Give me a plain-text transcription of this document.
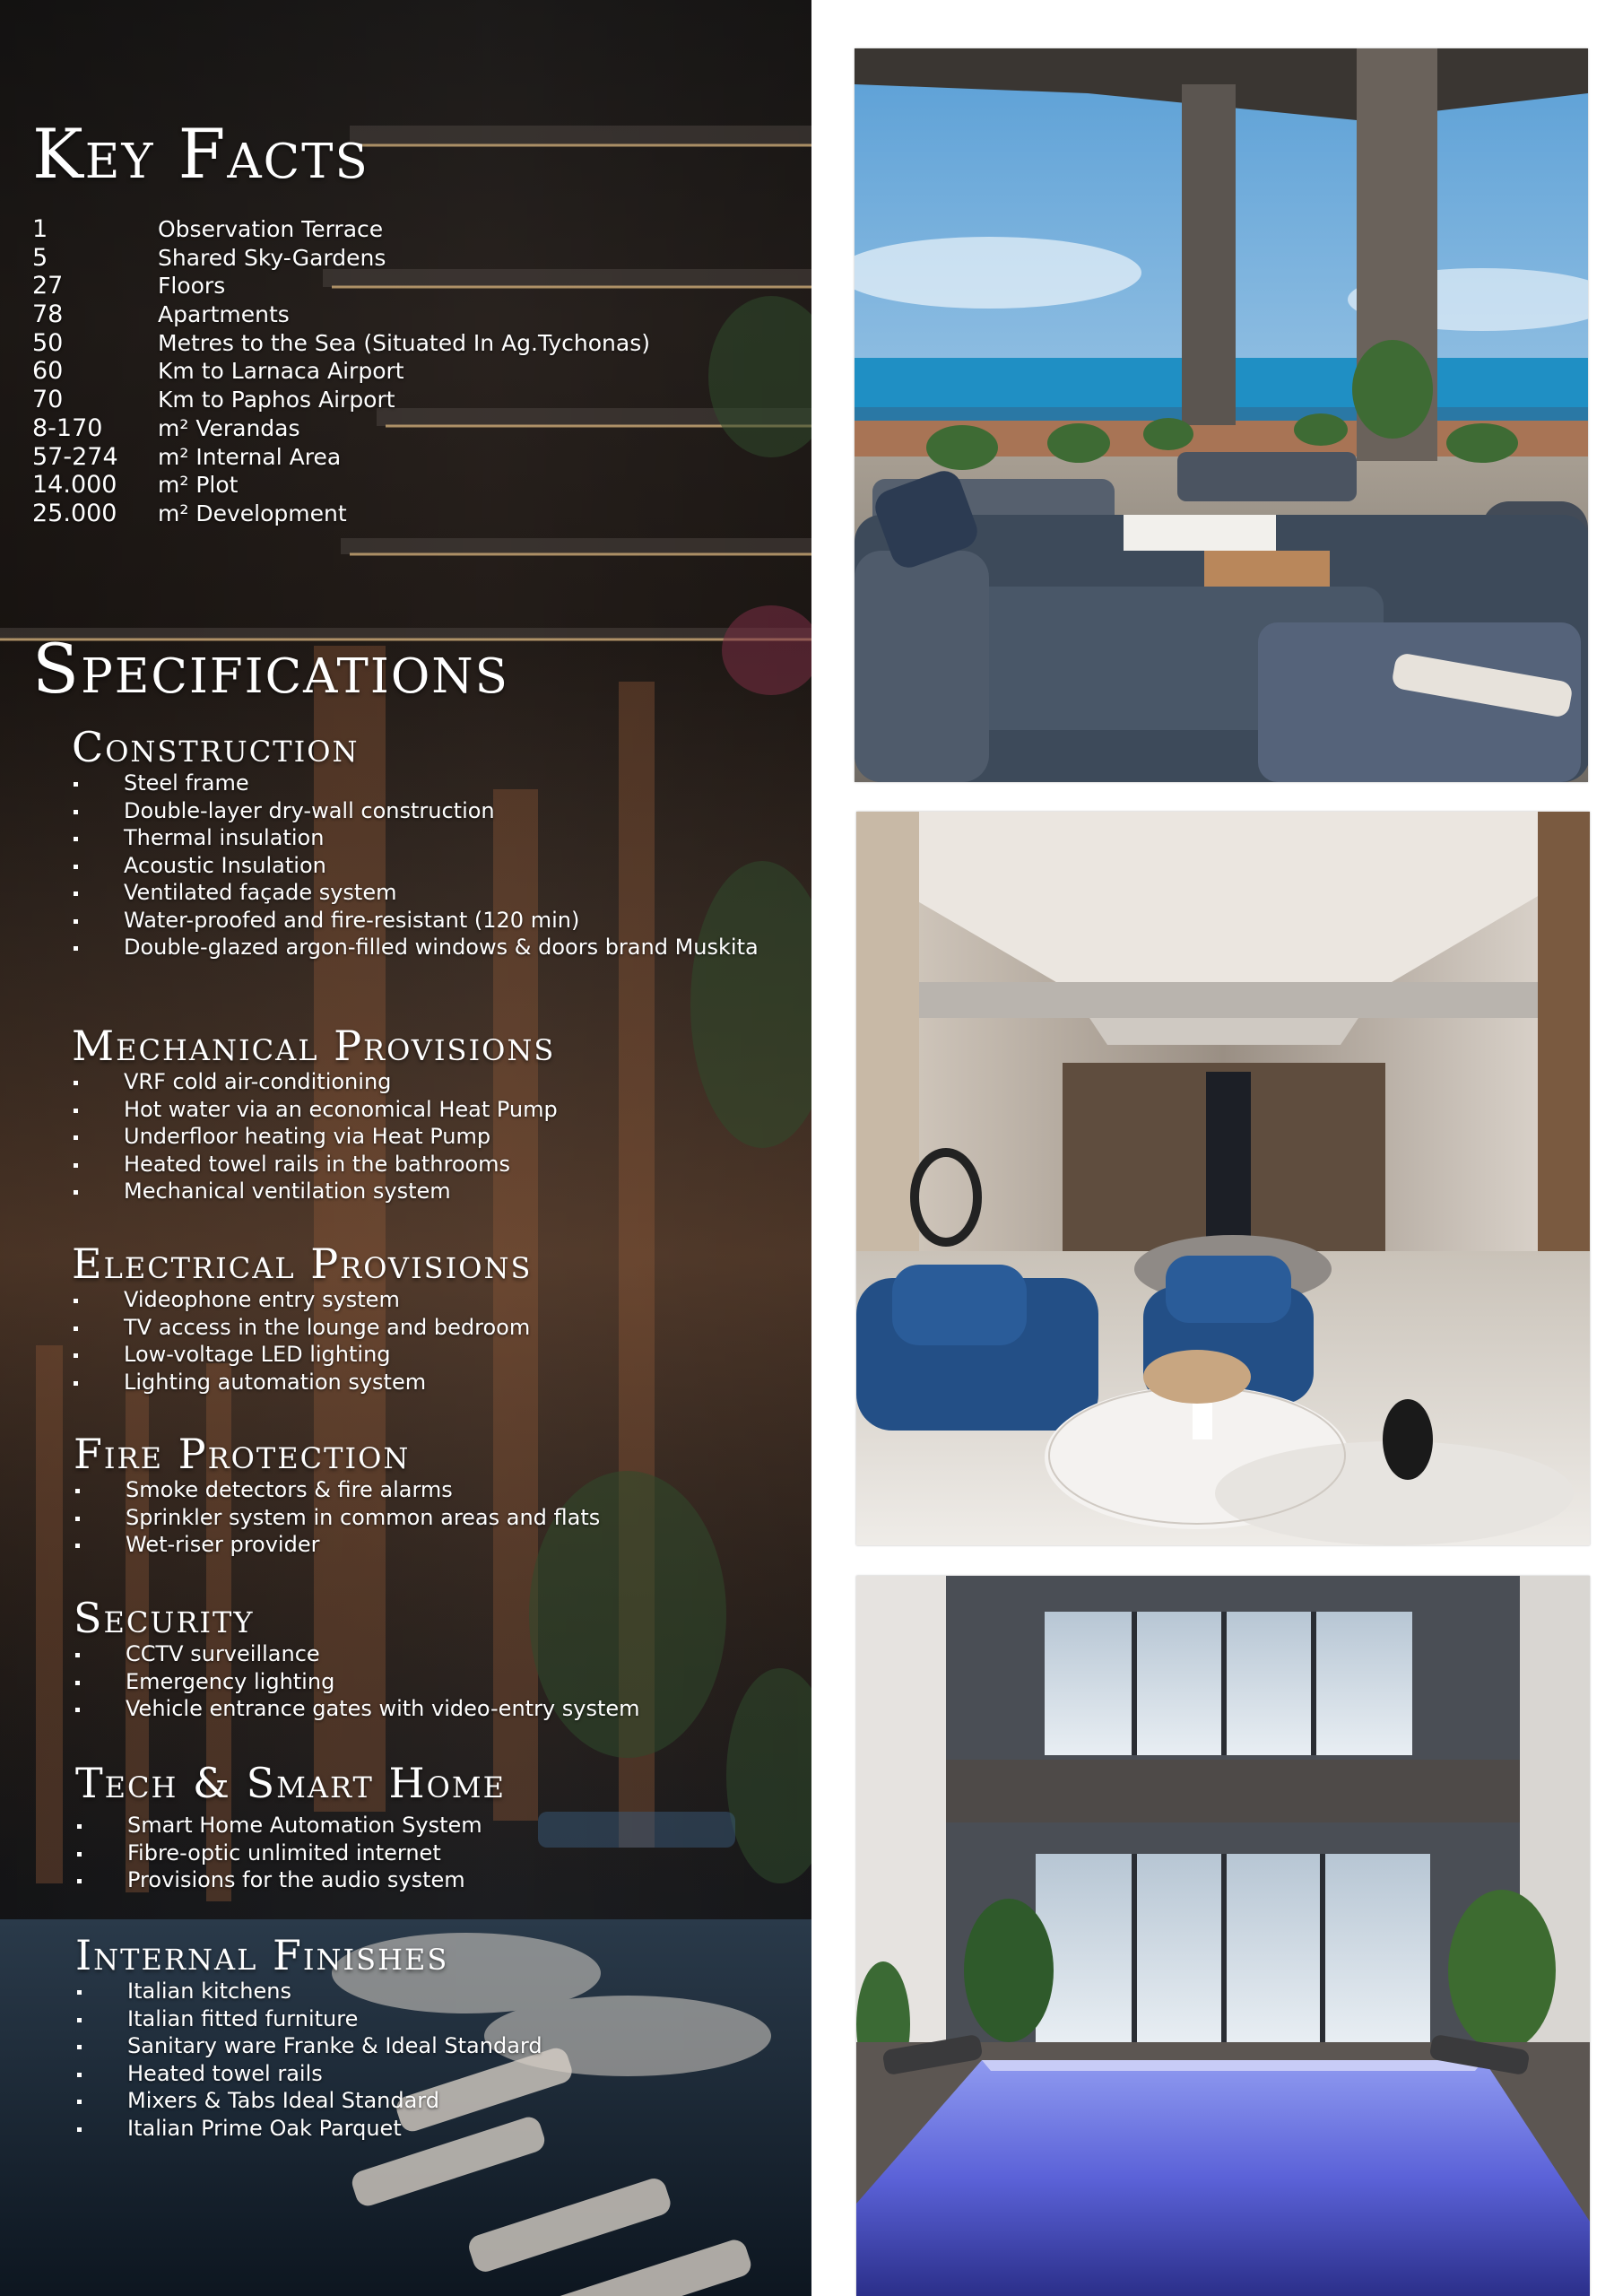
Key Facts
1	Observation Terrace
5	Shared Sky-Gardens
27	Floors
78	Apartments
50	Metres to the Sea (Situated In Ag.Tychonas)
60	Km to Larnaca Airport
70	Km to Paphos Airport
8-170 m² Verandas
57-274 m² Internal Area
14.000 m² Plot
25.000 m² Development
Specifications
Construction
Steel frame
Double-layer dry-wall construction
Thermal insulation
Acoustic Insulation
Ventilated façade system
Water-proofed and fire-resistant (120 min)
Double-glazed argon-filled windows & doors brand Muskita
Mechanical Provisions
VRF cold air-conditioning
Hot water via an economical Heat Pump
Underfloor heating via Heat Pump
Heated towel rails in the bathrooms
Mechanical ventilation system
Electrical Provisions
Videophone entry system
TV access in the lounge and bedroom
Low-voltage LED lighting
Lighting automation system
Fire Protection
Smoke detectors & fire alarms
Sprinkler system in common areas and flats
Wet-riser provider
Security
CCTV surveillance
Emergency lighting
Vehicle entrance gates with video-entry system
Tech & Smart Home
Smart Home Automation System
Fibre-optic unlimited internet
Provisions for the audio system
Internal Finishes
Italian kitchens
Italian fitted furniture
Sanitary ware Franke & Ideal Standard
Heated towel rails
Mixers & Tabs Ideal Standard
Italian Prime Oak Parquet
